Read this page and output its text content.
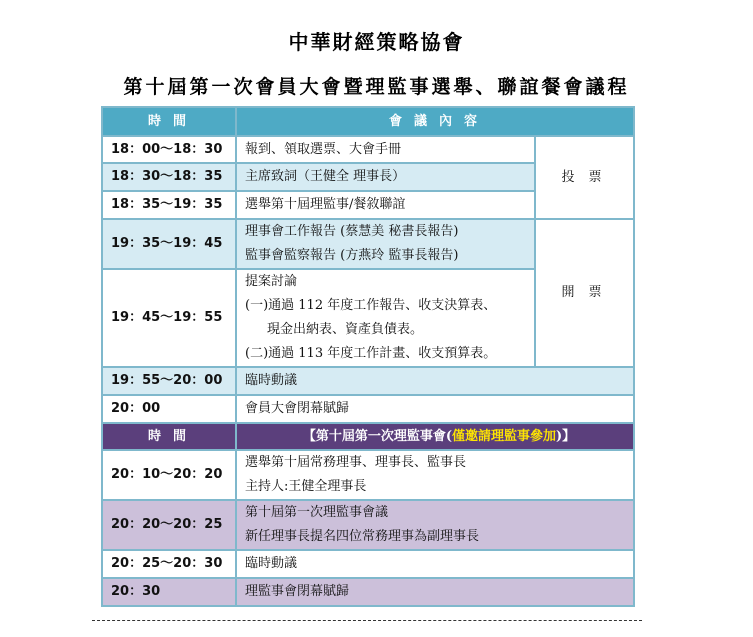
中華財經策略協會
第十屆第一次會員大會暨理監事選舉、聯誼餐會議程
時間	會議內容	
18：00～18：30	報到、領取選票、大會手冊	投票
18：30～18：35	主席致詞（王健全 理事長）	
18：35～19：35	選舉第十屆理監事/餐敘聯誼	
19：35～19：45	理事會工作報告 (蔡慧美 秘書長報告)
監事會監察報告 (方燕玲 監事長報告)	開票
19：45～19：55	提案討論
(一)通過 112 年度工作報告、收支決算表、
現金出納表、資產負債表。
(二)通過 113 年度工作計畫、收支預算表。	

19：55～20：00	臨時動議	
20：00	會員大會閉幕賦歸	
時間	【第十屆第一次理監事會(僅邀請理監事參加)】	
20：10～20：20	選舉第十屆常務理事、理事長、監事長
主持人:王健全理事長	

20：20～20：25	第十屆第一次理監事會議
新任理事長提名四位常務理事為副理事長	

20：25～20：30	臨時動議	
20：30	理監事會閉幕賦歸	
